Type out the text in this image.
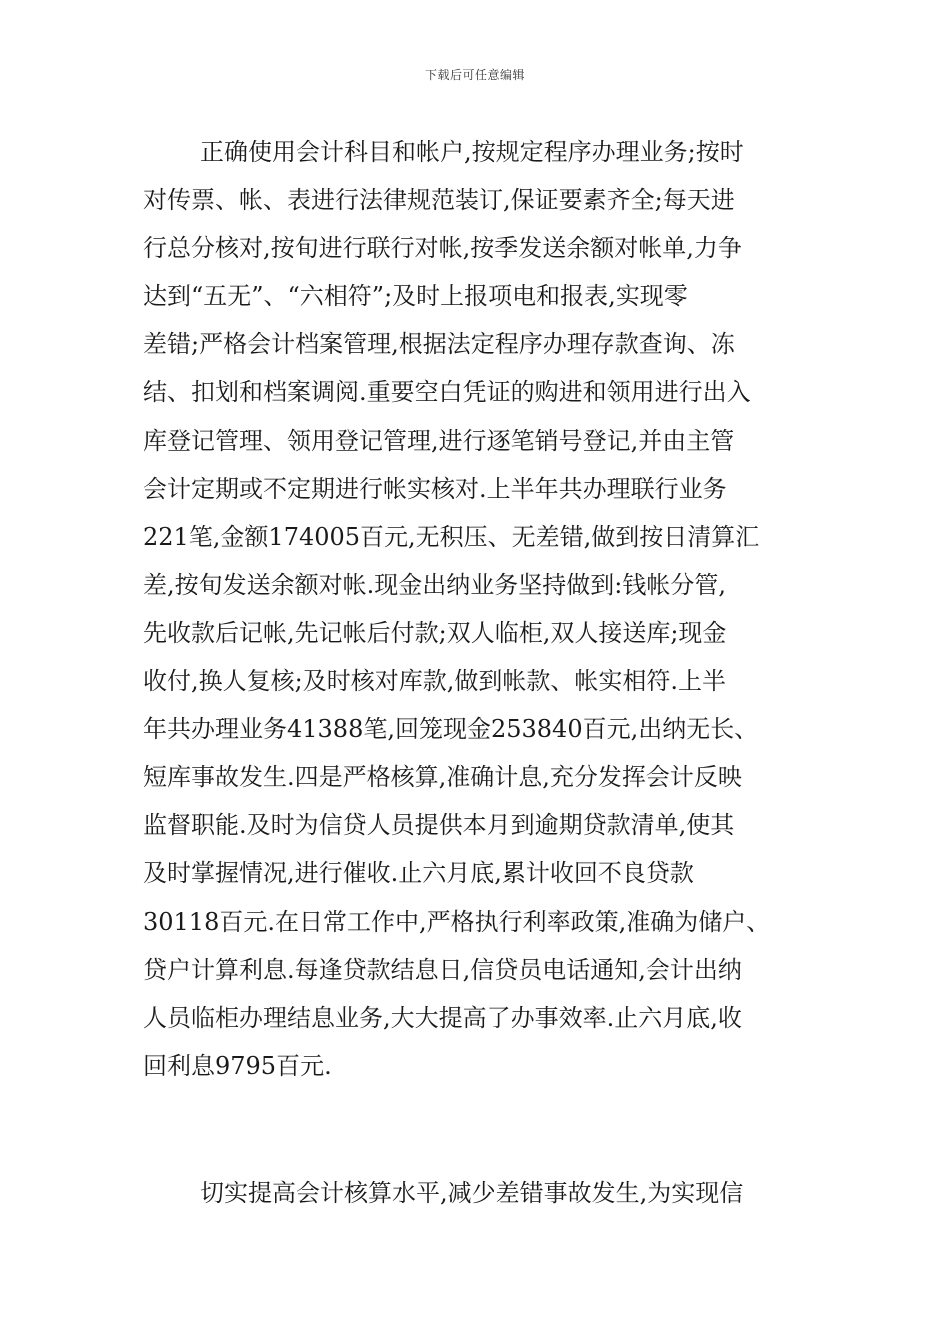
下载后可任意编辑
正确使用会计科目和帐户,按规定程序办理业务;按时
对传票、帐、表进行法律规范装订,保证要素齐全;每天进
行总分核对,按旬进行联行对帐,按季发送余额对帐单,力争
达到“五无”、“六相符”;及时上报项电和报表,实现零
差错;严格会计档案管理,根据法定程序办理存款查询、冻
结、扣划和档案调阅.重要空白凭证的购进和领用进行出入
库登记管理、领用登记管理,进行逐笔销号登记,并由主管
会计定期或不定期进行帐实核对.上半年共办理联行业务
221笔,金额174005百元,无积压、无差错,做到按日清算汇
差,按旬发送余额对帐.现金出纳业务坚持做到:钱帐分管,
先收款后记帐,先记帐后付款;双人临柜,双人接送库;现金
收付,换人复核;及时核对库款,做到帐款、帐实相符.上半
年共办理业务41388笔,回笼现金253840百元,出纳无长、
短库事故发生.四是严格核算,准确计息,充分发挥会计反映
监督职能.及时为信贷人员提供本月到逾期贷款清单,使其
及时掌握情况,进行催收.止六月底,累计收回不良贷款
30118百元.在日常工作中,严格执行利率政策,准确为储户、
贷户计算利息.每逢贷款结息日,信贷员电话通知,会计出纳
人员临柜办理结息业务,大大提高了办事效率.止六月底,收
回利息9795百元.
切实提高会计核算水平,减少差错事故发生,为实现信
